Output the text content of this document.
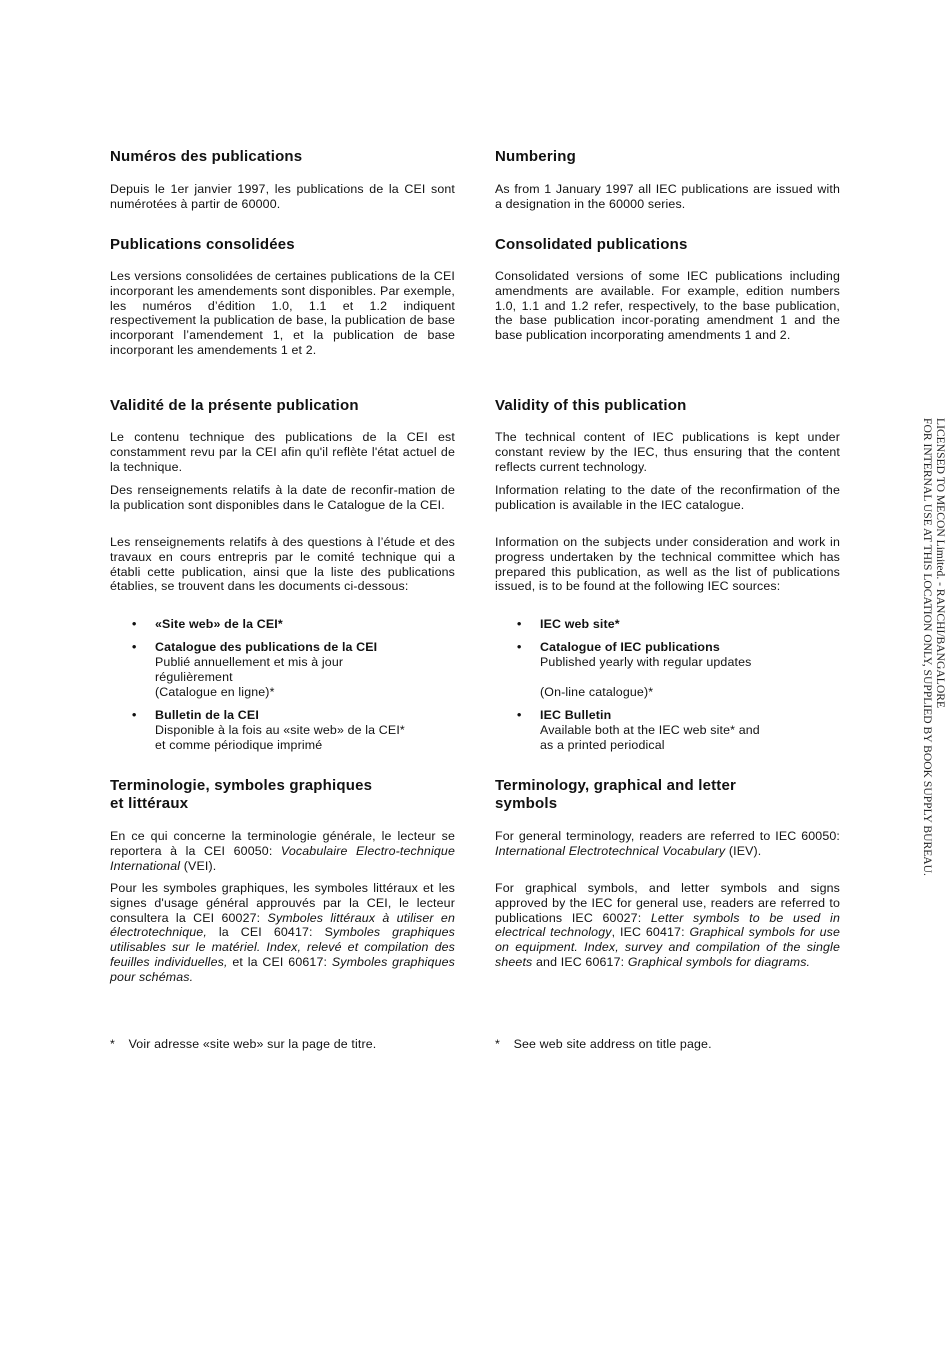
Numéros des publications

Depuis le 1er janvier 1997, les publications de la CEI sont numérotées à partir de 60000.

Publications consolidées

Les versions consolidées de certaines publications de la CEI incorporant les amendements sont disponibles. Par exemple, les numéros d’édition 1.0, 1.1 et 1.2 indiquent respectivement la publication de base, la publication de base incorporant l’amendement 1, et la publication de base incorporant les amendements 1 et 2.

Validité de la présente publication

Le contenu technique des publications de la CEI est constamment revu par la CEI afin qu'il reflète l'état actuel de la technique.

Des renseignements relatifs à la date de reconfir-mation de la publication sont disponibles dans le Catalogue de la CEI.

Les renseignements relatifs à des questions à l’étude et des travaux en cours entrepris par le comité technique qui a établi cette publication, ainsi que la liste des publications établies, se trouvent dans les documents ci-dessous:

• «Site web» de la CEI*
• Catalogue des publications de la CEI
Publié annuellement et mis à jour
régulièrement
(Catalogue en ligne)*
• Bulletin de la CEI
Disponible à la fois au «site web» de la CEI*
et comme périodique imprimé
Terminologie, symboles graphiques
et littéraux

En ce qui concerne la terminologie générale, le lecteur se reportera à la CEI 60050: Vocabulaire Electro-technique International (VEI).

Pour les symboles graphiques, les symboles littéraux et les signes d'usage général approuvés par la CEI, le lecteur consultera la CEI 60027: Symboles littéraux à utiliser en électrotechnique, la CEI 60417: Symboles graphiques utilisables sur le matériel. Index, relevé et compilation des feuilles individuelles, et la CEI 60617: Symboles graphiques pour schémas.

* Voir adresse «site web» sur la page de titre.
Numbering

As from 1 January 1997 all IEC publications are issued with a designation in the 60000 series.

Consolidated publications

Consolidated versions of some IEC publications including amendments are available. For example, edition numbers 1.0, 1.1 and 1.2 refer, respectively, to the base publication, the base publication incor-porating amendment 1 and the base publication incorporating amendments 1 and 2.

Validity of this publication

The technical content of IEC publications is kept under constant review by the IEC, thus ensuring that the content reflects current technology.

Information relating to the date of the reconfirmation of the publication is available in the IEC catalogue.

Information on the subjects under consideration and work in progress undertaken by the technical committee which has prepared this publication, as well as the list of publications issued, is to be found at the following IEC sources:

• IEC web site*
• Catalogue of IEC publications
Published yearly with regular updates
(On-line catalogue)*
• IEC Bulletin
Available both at the IEC web site* and
as a printed periodical
Terminology, graphical and letter
symbols

For general terminology, readers are referred to IEC 60050: International Electrotechnical Vocabulary (IEV).

For graphical symbols, and letter symbols and signs approved by the IEC for general use, readers are referred to publications IEC 60027: Letter symbols to be used in electrical technology, IEC 60417: Graphical symbols for use on equipment. Index, survey and compilation of the single sheets and IEC 60617: Graphical symbols for diagrams.

* See web site address on title page.
LICENSED TO MECON Limited. - RANCHI/BANGALORE
FOR INTERNAL USE AT THIS LOCATION ONLY, SUPPLIED BY BOOK SUPPLY BUREAU.
